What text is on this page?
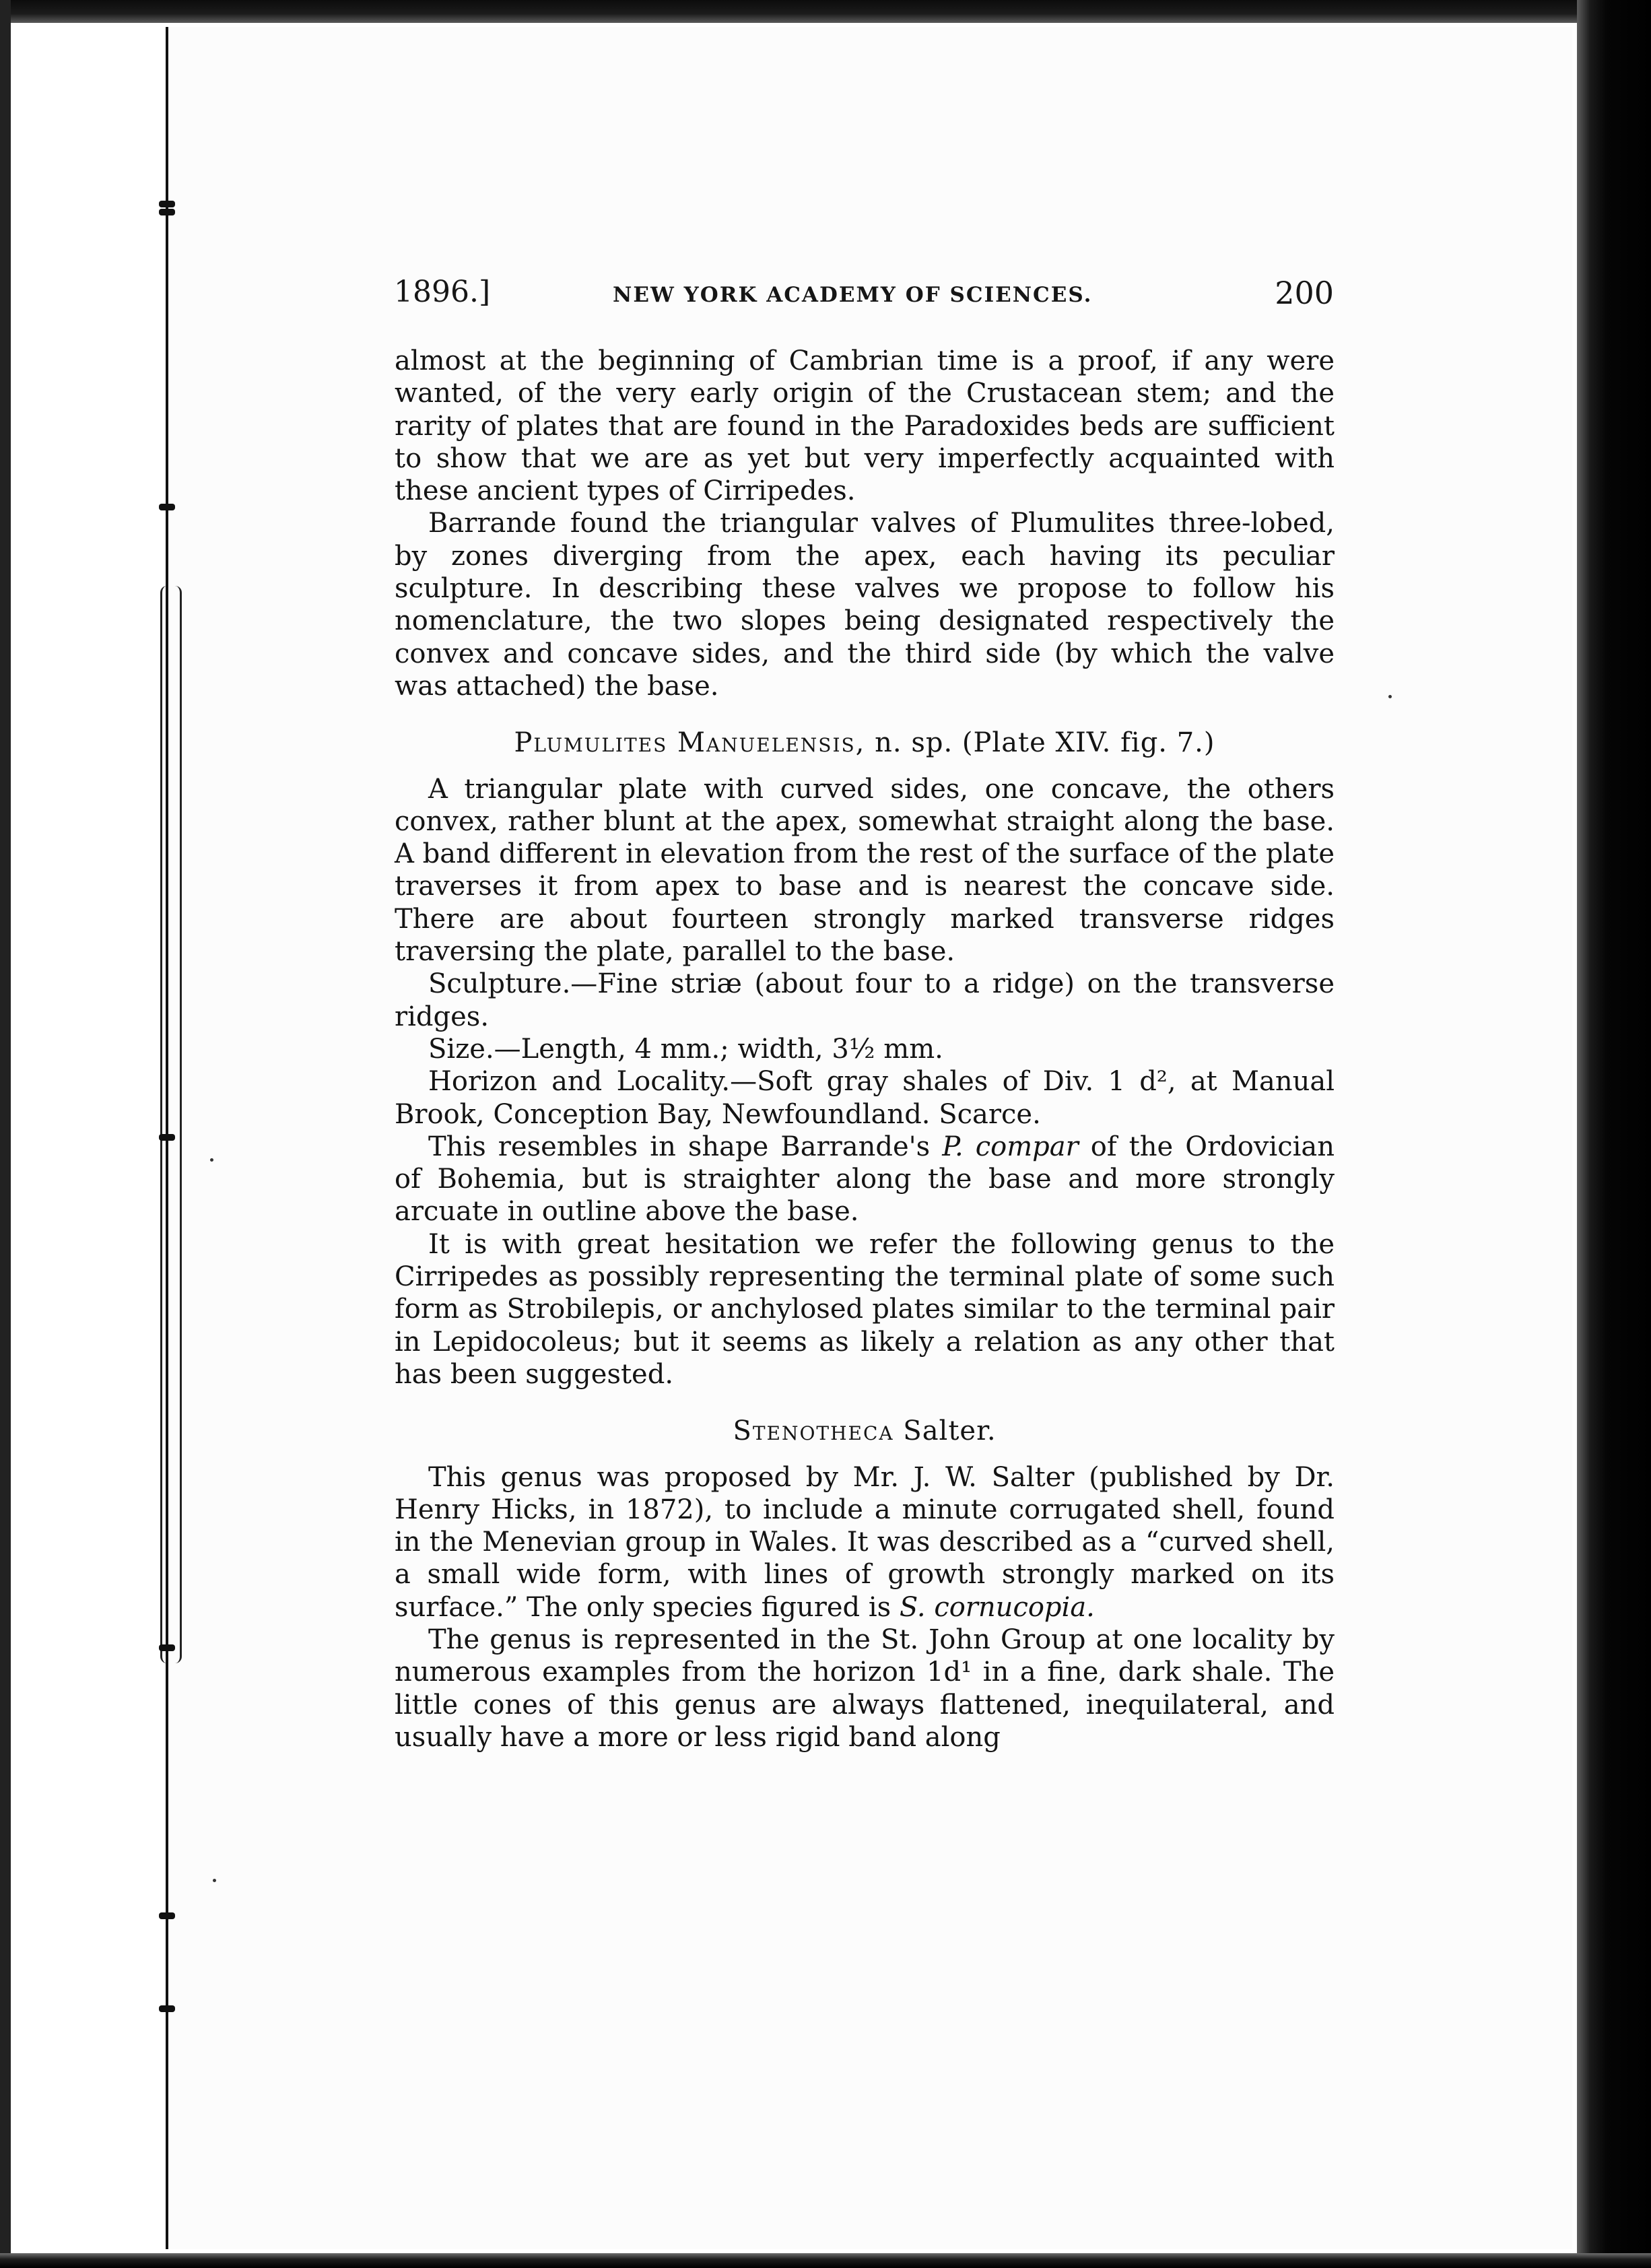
1896.]	NEW YORK ACADEMY OF SCIENCES.	200

almost at the beginning of Cambrian time is a proof, if any were wanted, of the very early origin of the Crustacean stem; and the rarity of plates that are found in the Paradoxides beds are sufficient to show that we are as yet but very imperfectly acquainted with these ancient types of Cirripedes.

Barrande found the triangular valves of Plumulites three-lobed, by zones diverging from the apex, each having its peculiar sculpture. In describing these valves we propose to follow his nomenclature, the two slopes being designated respectively the convex and concave sides, and the third side (by which the valve was attached) the base.

Plumulites Manuelensis, n. sp. (Plate XIV. fig. 7.)

A triangular plate with curved sides, one concave, the others convex, rather blunt at the apex, somewhat straight along the base. A band different in elevation from the rest of the surface of the plate traverses it from apex to base and is nearest the concave side. There are about fourteen strongly marked transverse ridges traversing the plate, parallel to the base.

Sculpture.—Fine striæ (about four to a ridge) on the transverse ridges.

Size.—Length, 4 mm.; width, 3½ mm.

Horizon and Locality.—Soft gray shales of Div. 1 d², at Manual Brook, Conception Bay, Newfoundland. Scarce.

This resembles in shape Barrande's P. compar of the Ordovician of Bohemia, but is straighter along the base and more strongly arcuate in outline above the base.

It is with great hesitation we refer the following genus to the Cirripedes as possibly representing the terminal plate of some such form as Strobilepis, or anchylosed plates similar to the terminal pair in Lepidocoleus; but it seems as likely a relation as any other that has been suggested.

Stenotheca Salter.

This genus was proposed by Mr. J. W. Salter (published by Dr. Henry Hicks, in 1872), to include a minute corrugated shell, found in the Menevian group in Wales. It was described as a “curved shell, a small wide form, with lines of growth strongly marked on its surface.” The only species figured is S. cornucopia.

The genus is represented in the St. John Group at one locality by numerous examples from the horizon 1d¹ in a fine, dark shale. The little cones of this genus are always flattened, inequilateral, and usually have a more or less rigid band along
